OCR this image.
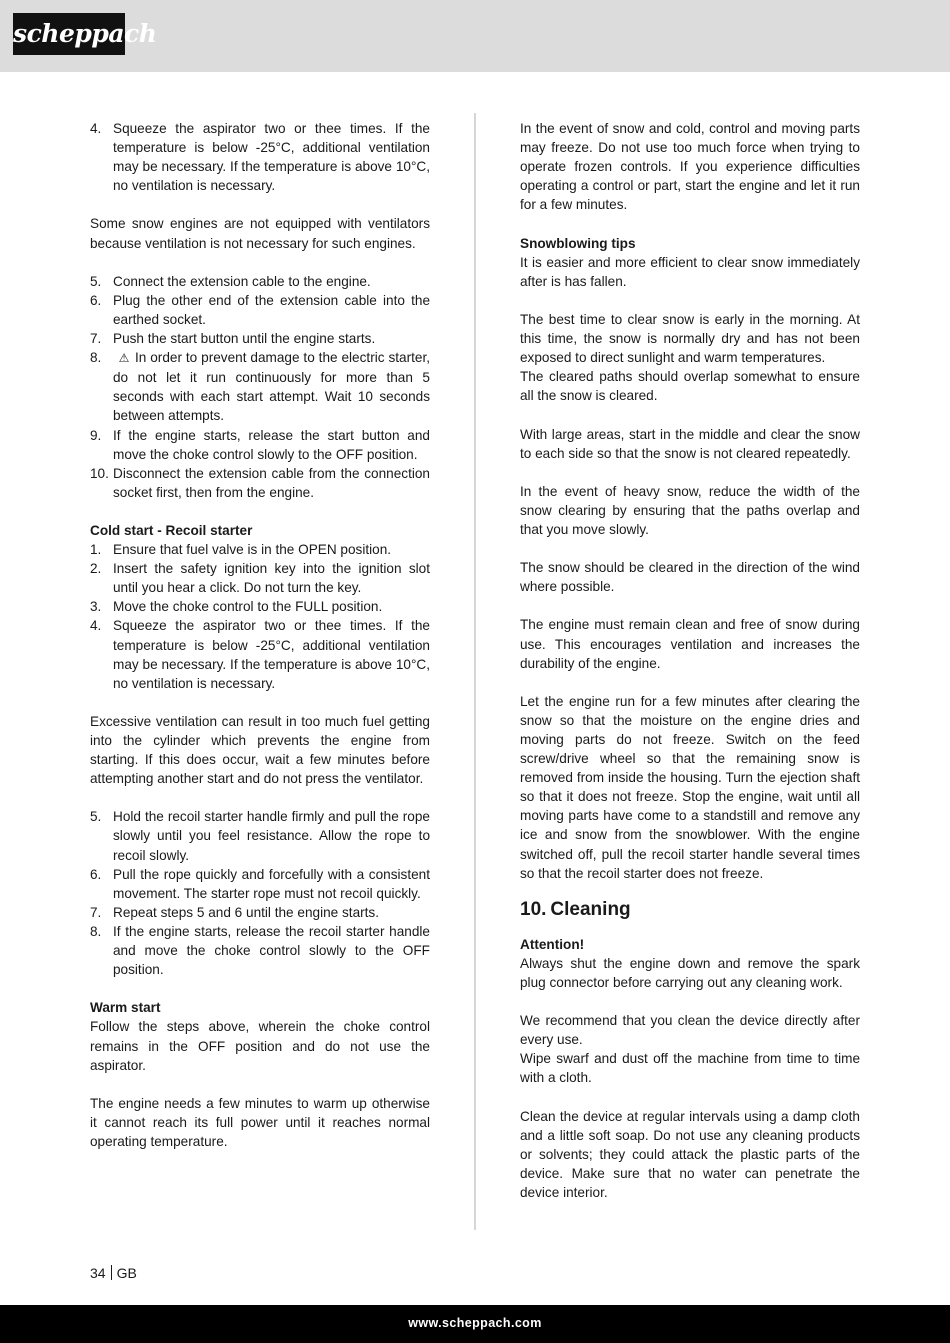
scheppach
4. Squeeze the aspirator two or thee times. If the temperature is below -25°C, additional ventilation may be necessary. If the temperature is above 10°C, no ventilation is necessary.

Some snow engines are not equipped with ventilators because ventilation is not necessary for such engines.

5. Connect the extension cable to the engine.
6. Plug the other end of the extension cable into the earthed socket.
7. Push the start button until the engine starts.
8. ⚠ In order to prevent damage to the electric starter, do not let it run continuously for more than 5 seconds with each start attempt. Wait 10 seconds between attempts.
9. If the engine starts, release the start button and move the choke control slowly to the OFF position.
10. Disconnect the extension cable from the connection socket first, then from the engine.

Cold start - Recoil starter

1. Ensure that fuel valve is in the OPEN position.
2. Insert the safety ignition key into the ignition slot until you hear a click. Do not turn the key.
3. Move the choke control to the FULL position.
4. Squeeze the aspirator two or thee times. If the temperature is below -25°C, additional ventilation may be necessary. If the temperature is above 10°C, no ventilation is necessary.

Excessive ventilation can result in too much fuel getting into the cylinder which prevents the engine from starting. If this does occur, wait a few minutes before attempting another start and do not press the ventilator.

5. Hold the recoil starter handle firmly and pull the rope slowly until you feel resistance. Allow the rope to recoil slowly.
6. Pull the rope quickly and forcefully with a consistent movement. The starter rope must not recoil quickly.
7. Repeat steps 5 and 6 until the engine starts.
8. If the engine starts, release the recoil starter handle and move the choke control slowly to the OFF position.

Warm start

Follow the steps above, wherein the choke control remains in the OFF position and do not use the aspirator.

The engine needs a few minutes to warm up otherwise it cannot reach its full power until it reaches normal operating temperature.

In the event of snow and cold, control and moving parts may freeze. Do not use too much force when trying to operate frozen controls. If you experience difficulties operating a control or part, start the engine and let it run for a few minutes.

Snowblowing tips

It is easier and more efficient to clear snow immediately after is has fallen.

The best time to clear snow is early in the morning. At this time, the snow is normally dry and has not been exposed to direct sunlight and warm temperatures.

The cleared paths should overlap somewhat to ensure all the snow is cleared.

With large areas, start in the middle and clear the snow to each side so that the snow is not cleared repeatedly.

In the event of heavy snow, reduce the width of the snow clearing by ensuring that the paths overlap and that you move slowly.

The snow should be cleared in the direction of the wind where possible.

The engine must remain clean and free of snow during use. This encourages ventilation and increases the durability of the engine.

Let the engine run for a few minutes after clearing the snow so that the moisture on the engine dries and moving parts do not freeze. Switch on the feed screw/drive wheel so that the remaining snow is removed from inside the housing. Turn the ejection shaft so that it does not freeze. Stop the engine, wait until all moving parts have come to a standstill and remove any ice and snow from the snowblower. With the engine switched off, pull the recoil starter handle several times so that the recoil starter does not freeze.

10. Cleaning

Attention!

Always shut the engine down and remove the spark plug connector before carrying out any cleaning work.

We recommend that you clean the device directly after every use.

Wipe swarf and dust off the machine from time to time with a cloth.

Clean the device at regular intervals using a damp cloth and a little soft soap. Do not use any cleaning products or solvents; they could attack the plastic parts of the device. Make sure that no water can penetrate the device interior.

34 GB
www.scheppach.com
